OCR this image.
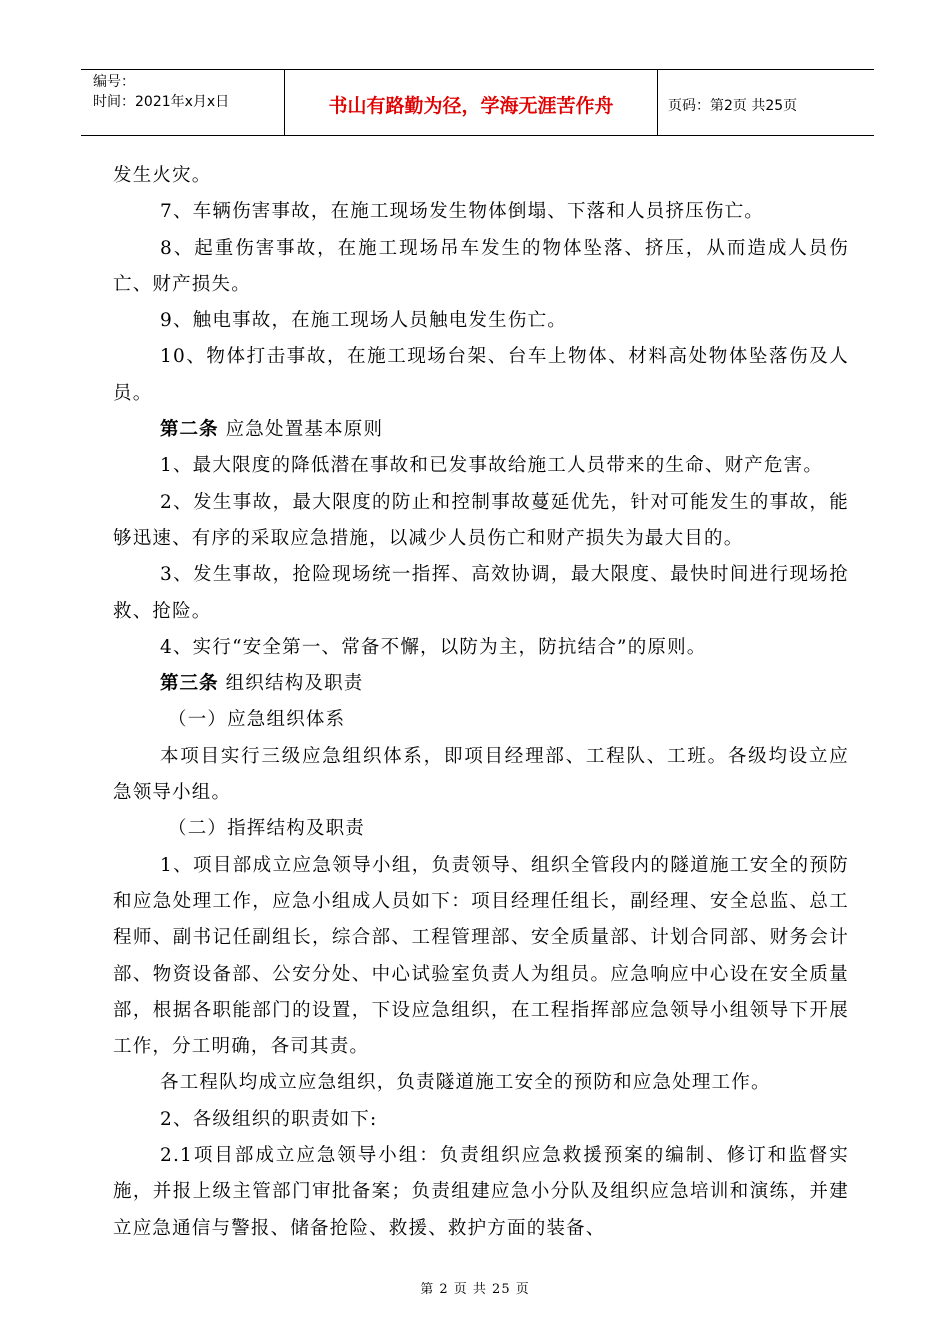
编号：
时间：2021年x月x日	书山有路勤为径，学海无涯苦作舟	页码：第2页 共25页

发生火灾。

7、车辆伤害事故，在施工现场发生物体倒塌、下落和人员挤压伤亡。

8、起重伤害事故，在施工现场吊车发生的物体坠落、挤压，从而造成人员伤亡、财产损失。

9、触电事故，在施工现场人员触电发生伤亡。

10、物体打击事故，在施工现场台架、台车上物体、材料高处物体坠落伤及人员。

第二条 应急处置基本原则

1、最大限度的降低潜在事故和已发事故给施工人员带来的生命、财产危害。

2、发生事故，最大限度的防止和控制事故蔓延优先，针对可能发生的事故，能够迅速、有序的采取应急措施，以减少人员伤亡和财产损失为最大目的。

3、发生事故，抢险现场统一指挥、高效协调，最大限度、最快时间进行现场抢救、抢险。

4、实行“安全第一、常备不懈，以防为主，防抗结合”的原则。

第三条 组织结构及职责

（一）应急组织体系

本项目实行三级应急组织体系，即项目经理部、工程队、工班。各级均设立应急领导小组。

（二）指挥结构及职责

1、项目部成立应急领导小组，负责领导、组织全管段内的隧道施工安全的预防和应急处理工作，应急小组成人员如下：项目经理任组长，副经理、安全总监、总工程师、副书记任副组长，综合部、工程管理部、安全质量部、计划合同部、财务会计部、物资设备部、公安分处、中心试验室负责人为组员。应急响应中心设在安全质量部，根据各职能部门的设置，下设应急组织，在工程指挥部应急领导小组领导下开展工作，分工明确，各司其责。

各工程队均成立应急组织，负责隧道施工安全的预防和应急处理工作。

2、各级组织的职责如下:

2.1项目部成立应急领导小组：负责组织应急救援预案的编制、修订和监督实施，并报上级主管部门审批备案；负责组建应急小分队及组织应急培训和演练，并建立应急通信与警报、储备抢险、救援、救护方面的装备、

第 2 页 共 25 页
